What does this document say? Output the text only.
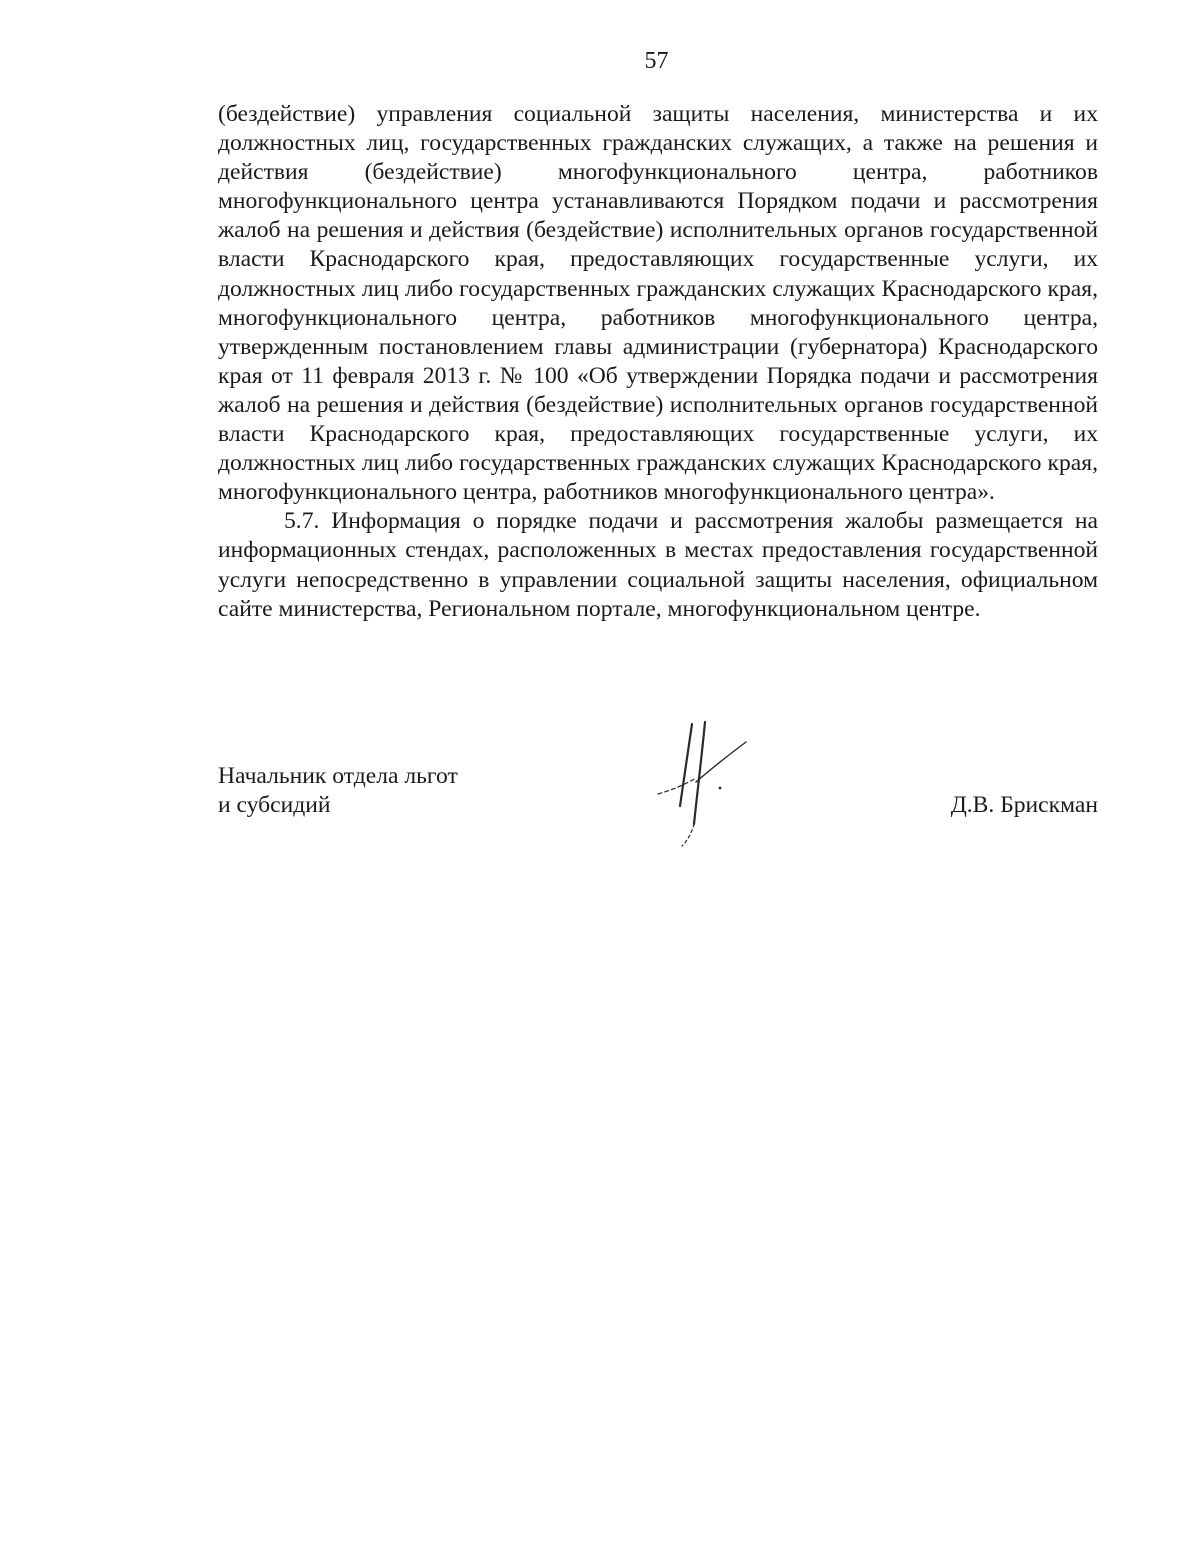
57

(бездействие) управления социальной защиты населения, министерства и их должностных лиц, государственных гражданских служащих, а также на решения и действия (бездействие) многофункционального центра, работников многофункционального центра устанавливаются Порядком подачи и рассмотрения жалоб на решения и действия (бездействие) исполнительных органов государственной власти Краснодарского края, предоставляющих государственные услуги, их должностных лиц либо государственных гражданских служащих Краснодарского края, многофункционального центра, работников многофункционального центра, утвержденным постановлением главы администрации (губернатора) Краснодарского края от 11 февраля 2013 г. № 100 «Об утверждении Порядка подачи и рассмотрения жалоб на решения и действия (бездействие) исполнительных органов государственной власти Краснодарского края, предоставляющих государственные услуги, их должностных лиц либо государственных гражданских служащих Краснодарского края, многофункционального центра, работников многофункционального центра».

5.7. Информация о порядке подачи и рассмотрения жалобы размещается на информационных стендах, расположенных в местах предоставления государственной услуги непосредственно в управлении социальной защиты населения, официальном сайте министерства, Региональном портале, многофункциональном центре.

Начальник отдела льгот
и субсидий	Д.В. Брискман
